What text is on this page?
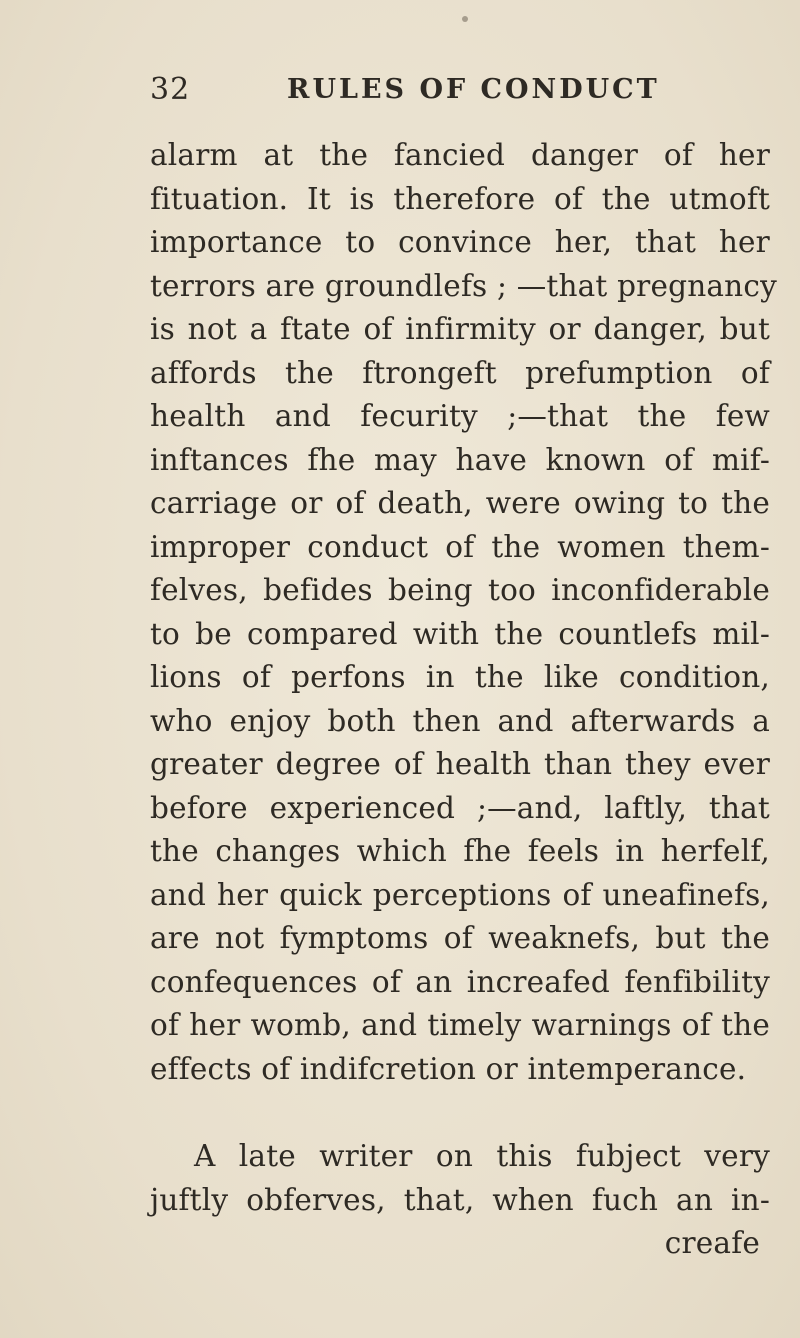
32	RULES OF CONDUCT
alarm at the fancied danger of her
fituation. It is therefore of the utmoft
importance to convince her, that her
terrors are groundlefs ; —that pregnancy
is not a ftate of infirmity or danger, but
affords the ftrongeft prefumption of
health and fecurity ;—that the few
inftances fhe may have known of mif-
carriage or of death, were owing to the
improper conduct of the women them-
felves, befides being too inconfiderable
to be compared with the countlefs mil-
lions of perfons in the like condition,
who enjoy both then and afterwards a
greater degree of health than they ever
before experienced ;—and, laftly, that
the changes which fhe feels in herfelf,
and her quick perceptions of uneafinefs,
are not fymptoms of weaknefs, but the
confequences of an increafed fenfibility
of her womb, and timely warnings of the
effects of indifcretion or intemperance.
A late writer on this fubject very
juftly obferves, that, when fuch an in-
creafe
